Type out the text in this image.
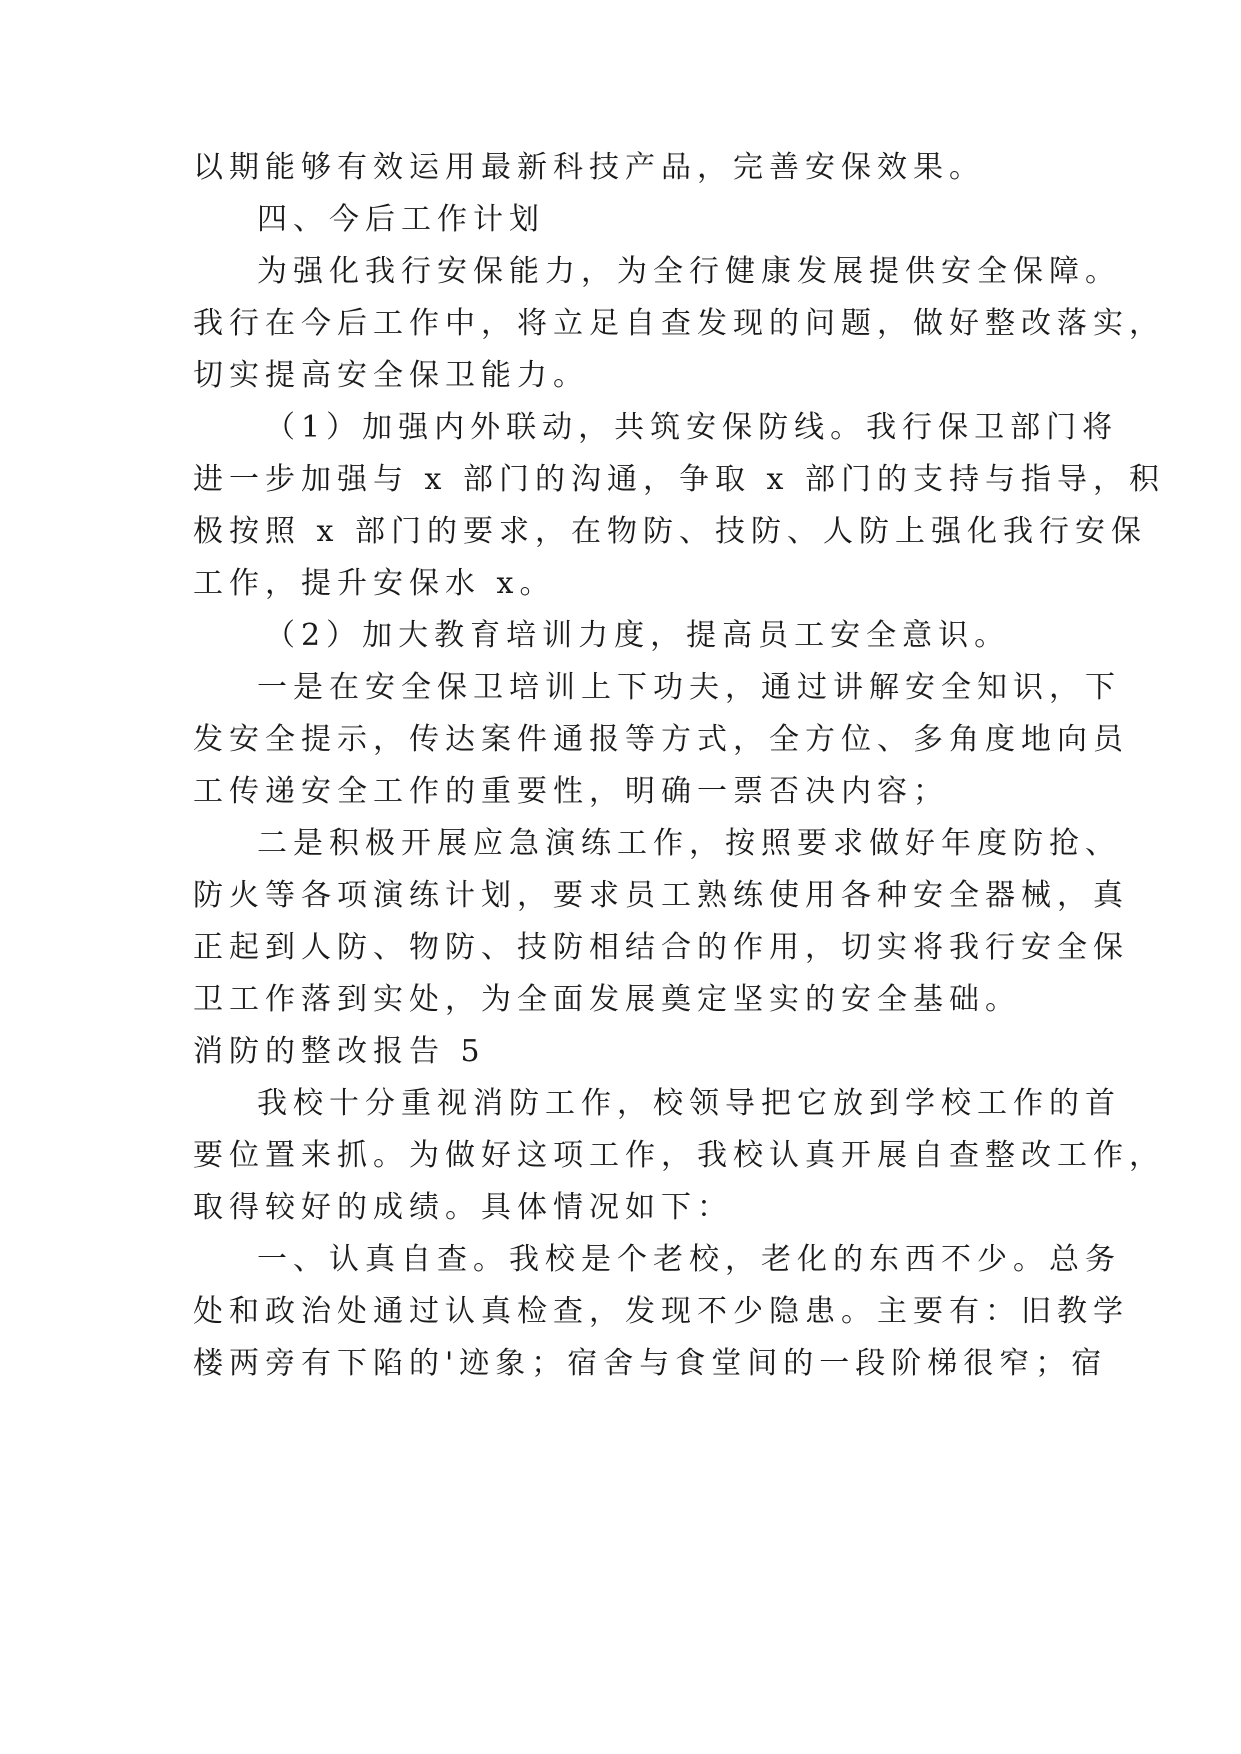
以期能够有效运用最新科技产品，完善安保效果。
四、今后工作计划
为强化我行安保能力，为全行健康发展提供安全保障。
我行在今后工作中，将立足自查发现的问题，做好整改落实，
切实提高安全保卫能力。
（1）加强内外联动，共筑安保防线。我行保卫部门将
进一步加强与 x 部门的沟通，争取 x 部门的支持与指导，积
极按照 x 部门的要求，在物防、技防、人防上强化我行安保
工作，提升安保水 x。
（2）加大教育培训力度，提高员工安全意识。
一是在安全保卫培训上下功夫，通过讲解安全知识，下
发安全提示，传达案件通报等方式，全方位、多角度地向员
工传递安全工作的重要性，明确一票否决内容；
二是积极开展应急演练工作，按照要求做好年度防抢、
防火等各项演练计划，要求员工熟练使用各种安全器械，真
正起到人防、物防、技防相结合的作用，切实将我行安全保
卫工作落到实处，为全面发展奠定坚实的安全基础。
消防的整改报告 5
我校十分重视消防工作，校领导把它放到学校工作的首
要位置来抓。为做好这项工作，我校认真开展自查整改工作，
取得较好的成绩。具体情况如下：
一、认真自查。我校是个老校，老化的东西不少。总务
处和政治处通过认真检查，发现不少隐患。主要有：旧教学
楼两旁有下陷的'迹象；宿舍与食堂间的一段阶梯很窄；宿
